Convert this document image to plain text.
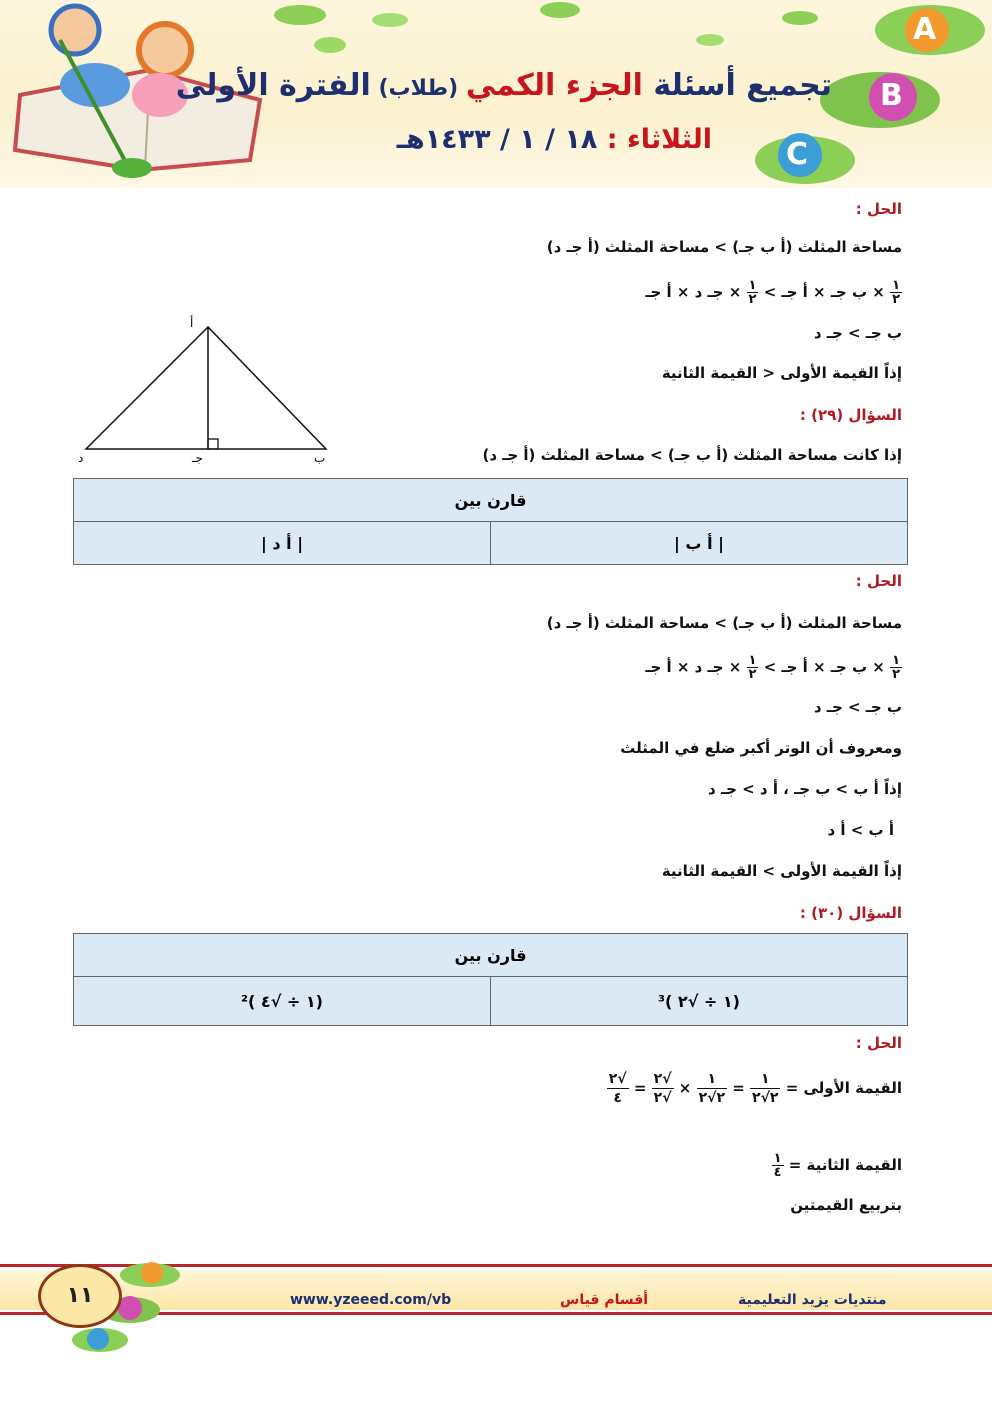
A
B
C
تجميع أسئلة الجزء الكمي (طلاب) الفترة الأولى
الثلاثاء : ١٨ / ١ / ١٤٣٣هـ
الحل :
مساحة المثلث (أ ب جـ) > مساحة المثلث (أ جـ د)
$\frac{١}{٢}$
× ب جـ × أ جـ >
$\frac{١}{٢}$
× جـ د × أ جـ
ب جـ > جـ د
إذاً القيمة الأولى < القيمة الثانية
السؤال (٢٩) :
إذا كانت مساحة المثلث (أ ب جـ) > مساحة المثلث (أ جـ د)
الحل :
مساحة المثلث (أ ب جـ) > مساحة المثلث (أ جـ د)
$\frac{١}{٢}$
× ب جـ × أ جـ >
$\frac{١}{٢}$
× جـ د × أ جـ
ب جـ > جـ د
ومعروف أن الوتر أكبر ضلع في المثلث
إذاً أ ب > ب جـ ، أ د > جـ د
أ ب > أ د
إذاً القيمة الأولى > القيمة الثانية
السؤال (٣٠) :
الحل :
القيمة الأولى =
$\frac{١}{٢√٢}$
=
$\frac{١}{٢√٢}$
×
$\frac{√٢}{√٢}$
=
$\frac{√٢}{٤}$
القيمة الثانية =
$\frac{١}{٤}$
بتربيع القيمتين
أ
د	جـ	ب
قارن بين
| أ ب |	| أ د |
قارن بين
(١ ÷ √٢ )³	(١ ÷ √٤ )²
١١	www.yzeeed.com/vb	أقسام قياس	منتديات يزيد التعليمية
